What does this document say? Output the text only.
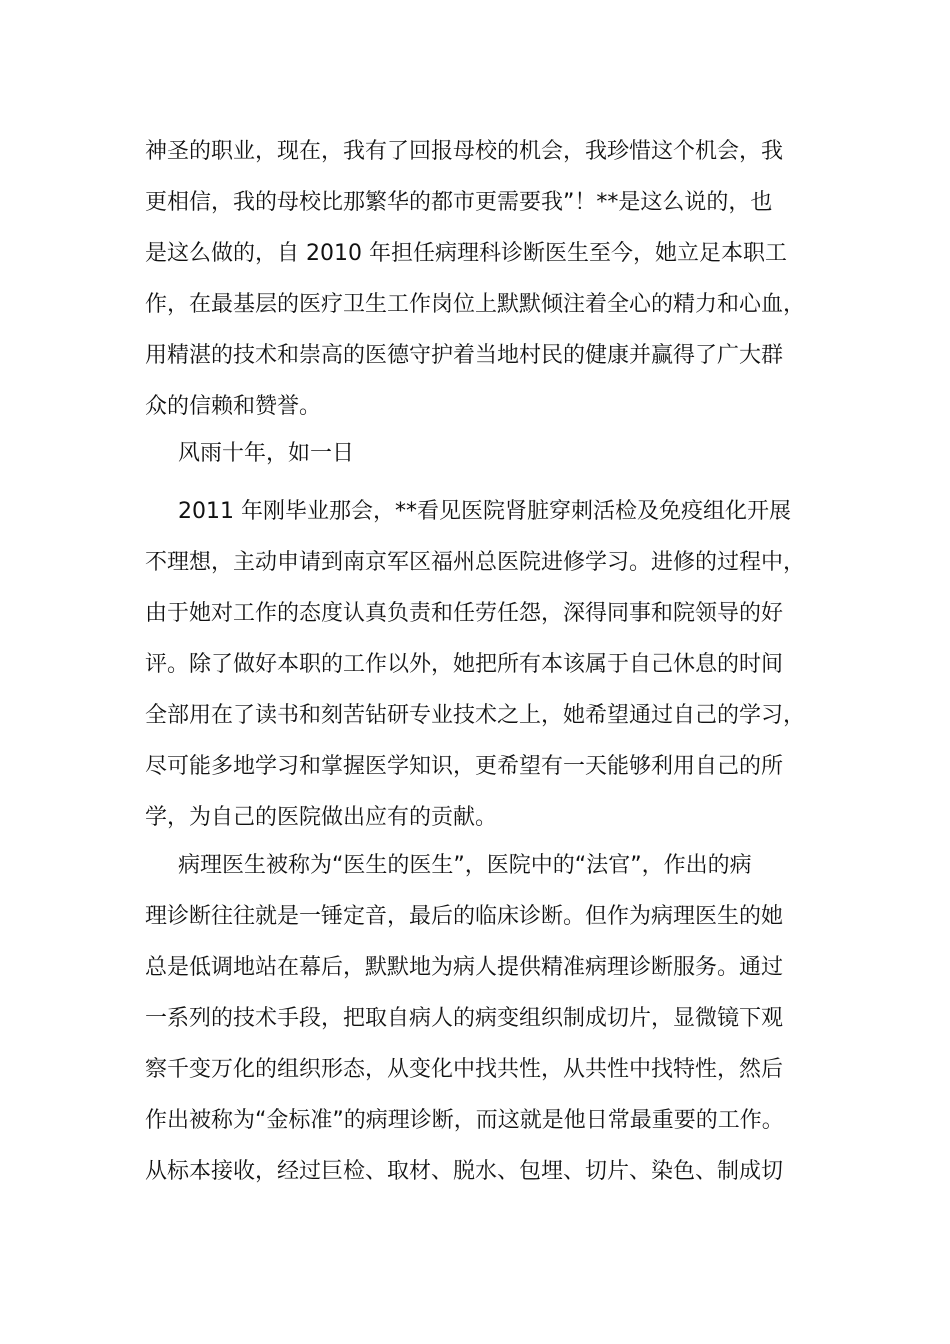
神圣的职业，现在，我有了回报母校的机会，我珍惜这个机会，我
更相信，我的母校比那繁华的都市更需要我”！**是这么说的，也
是这么做的，自 2010 年担任病理科诊断医生至今，她立足本职工
作，在最基层的医疗卫生工作岗位上默默倾注着全心的精力和心血，
用精湛的技术和崇高的医德守护着当地村民的健康并赢得了广大群
众的信赖和赞誉。
风雨十年，如一日
2011 年刚毕业那会，**看见医院肾脏穿刺活检及免疫组化开展
不理想，主动申请到南京军区福州总医院进修学习。进修的过程中，
由于她对工作的态度认真负责和任劳任怨，深得同事和院领导的好
评。除了做好本职的工作以外，她把所有本该属于自己休息的时间
全部用在了读书和刻苦钻研专业技术之上，她希望通过自己的学习，
尽可能多地学习和掌握医学知识，更希望有一天能够利用自己的所
学，为自己的医院做出应有的贡献。
病理医生被称为“医生的医生”，医院中的“法官”，作出的病
理诊断往往就是一锤定音，最后的临床诊断。但作为病理医生的她
总是低调地站在幕后，默默地为病人提供精准病理诊断服务。通过
一系列的技术手段，把取自病人的病变组织制成切片，显微镜下观
察千变万化的组织形态，从变化中找共性，从共性中找特性，然后
作出被称为“金标准”的病理诊断，而这就是他日常最重要的工作。
从标本接收，经过巨检、取材、脱水、包埋、切片、染色、制成切
